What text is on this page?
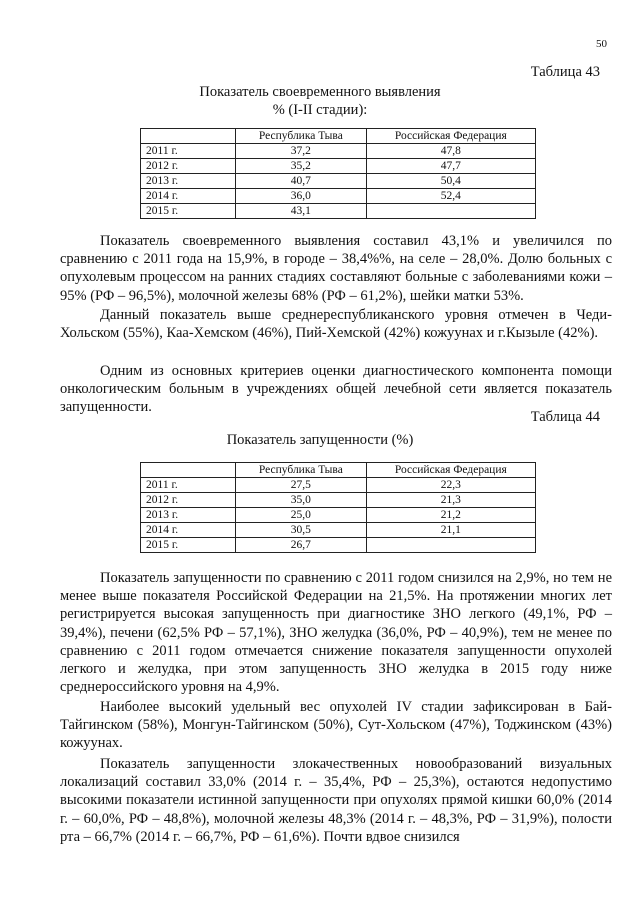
50
Таблица 43
Показатель своевременного выявления
% (I-II стадии):
	Республика Тыва	Российская Федерация
2011 г.	37,2	47,8
2012 г.	35,2	47,7
2013 г.	40,7	50,4
2014 г.	36,0	52,4
2015 г.	43,1	

Показатель своевременного выявления составил 43,1% и увеличился по сравнению с 2011 года на 15,9%, в городе – 38,4%%, на селе – 28,0%. Долю больных с опухолевым процессом на ранних стадиях составляют больные с заболеваниями кожи – 95% (РФ – 96,5%), молочной железы 68% (РФ – 61,2%), шейки матки 53%.

Данный показатель выше среднереспубликанского уровня отмечен в Чеди-Хольском (55%), Каа-Хемском (46%), Пий-Хемской (42%) кожуунах и г.Кызыле (42%).

Одним из основных критериев оценки диагностического компонента помощи онкологическим больным в учреждениях общей лечебной сети является показатель запущенности.

Таблица 44
Показатель запущенности (%)
	Республика Тыва	Российская Федерация
2011 г.	27,5	22,3
2012 г.	35,0	21,3
2013 г.	25,0	21,2
2014 г.	30,5	21,1
2015 г.	26,7	

Показатель запущенности по сравнению с 2011 годом снизился на 2,9%, но тем не менее выше показателя Российской Федерации на 21,5%. На протяжении многих лет регистрируется высокая запущенность при диагностике ЗНО легкого (49,1%, РФ – 39,4%), печени (62,5% РФ – 57,1%), ЗНО желудка (36,0%, РФ – 40,9%), тем не менее по сравнению с 2011 годом отмечается снижение показателя запущенности опухолей легкого и желудка, при этом запущенность ЗНО желудка в 2015 году ниже среднероссийского уровня на 4,9%.

Наиболее высокий удельный вес опухолей IV стадии зафиксирован в Бай-Тайгинском (58%), Монгун-Тайгинском (50%), Сут-Хольском (47%), Тоджинском (43%) кожуунах.

Показатель запущенности злокачественных новообразований визуальных локализаций составил 33,0% (2014 г. – 35,4%, РФ – 25,3%), остаются недопустимо высокими показатели истинной запущенности при опухолях прямой кишки 60,0% (2014 г. – 60,0%, РФ – 48,8%), молочной железы 48,3% (2014 г. – 48,3%, РФ – 31,9%), полости рта – 66,7% (2014 г. – 66,7%, РФ – 61,6%). Почти вдвое снизился
